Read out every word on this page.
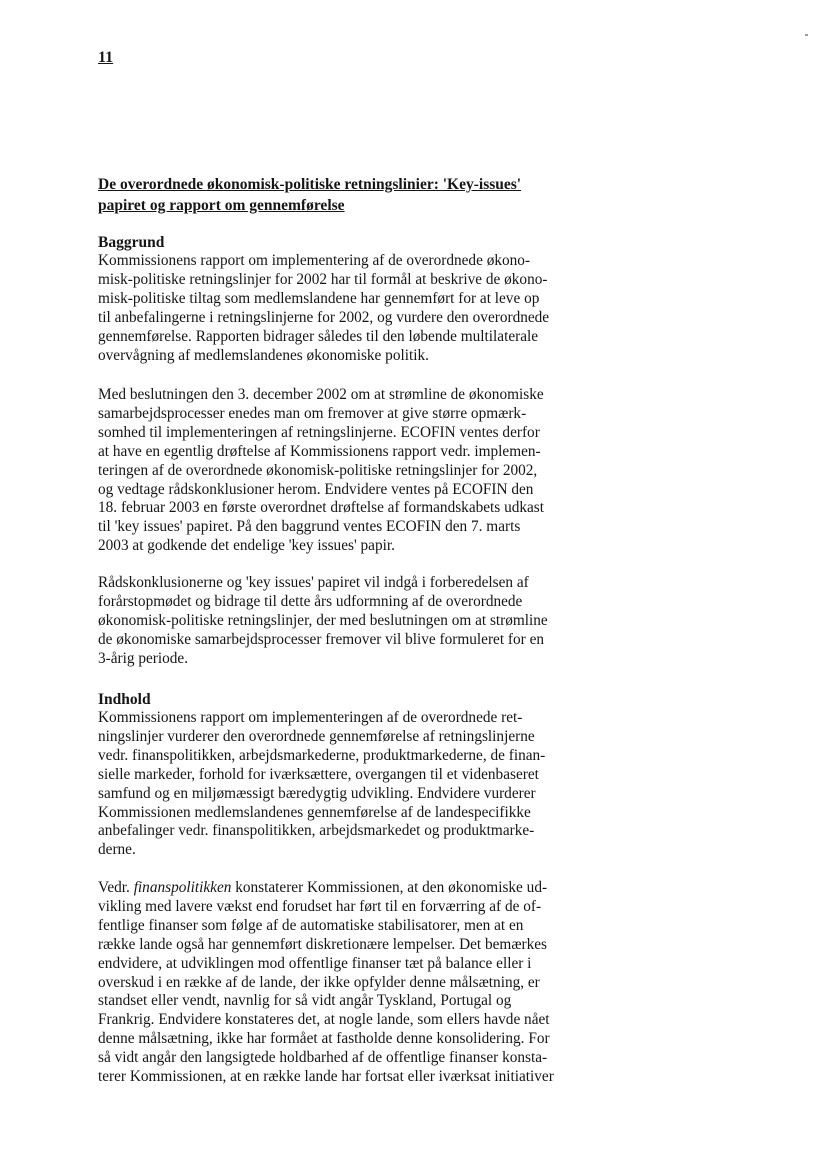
11

De overordnede økonomisk-politiske retningslinier: 'Key-issues'
papiret og rapport om gennemførelse
Baggrund

Kommissionens rapport om implementering af de overordnede økono-
misk-politiske retningslinjer for 2002 har til formål at beskrive de økono-
misk-politiske tiltag som medlemslandene har gennemført for at leve op
til anbefalingerne i retningslinjerne for 2002, og vurdere den overordnede
gennemførelse. Rapporten bidrager således til den løbende multilaterale
overvågning af medlemslandenes økonomiske politik.

Med beslutningen den 3. december 2002 om at strømline de økonomiske
samarbejdsprocesser enedes man om fremover at give større opmærk-
somhed til implementeringen af retningslinjerne. ECOFIN ventes derfor
at have en egentlig drøftelse af Kommissionens rapport vedr. implemen-
teringen af de overordnede økonomisk-politiske retningslinjer for 2002,
og vedtage rådskonklusioner herom. Endvidere ventes på ECOFIN den
18. februar 2003 en første overordnet drøftelse af formandskabets udkast
til 'key issues' papiret. På den baggrund ventes ECOFIN den 7. marts
2003 at godkende det endelige 'key issues' papir.

Rådskonklusionerne og 'key issues' papiret vil indgå i forberedelsen af
forårstopmødet og bidrage til dette års udformning af de overordnede
økonomisk-politiske retningslinjer, der med beslutningen om at strømline
de økonomiske samarbejdsprocesser fremover vil blive formuleret for en
3-årig periode.

Indhold

Kommissionens rapport om implementeringen af de overordnede ret-
ningslinjer vurderer den overordnede gennemførelse af retningslinjerne
vedr. finanspolitikken, arbejdsmarkederne, produktmarkederne, de finan-
sielle markeder, forhold for iværksættere, overgangen til et videnbaseret
samfund og en miljømæssigt bæredygtig udvikling. Endvidere vurderer
Kommissionen medlemslandenes gennemførelse af de landespecifikke
anbefalinger vedr. finanspolitikken, arbejdsmarkedet og produktmarke-
derne.

Vedr. finanspolitikken konstaterer Kommissionen, at den økonomiske ud-
vikling med lavere vækst end forudset har ført til en forværring af de of-
fentlige finanser som følge af de automatiske stabilisatorer, men at en
række lande også har gennemført diskretionære lempelser. Det bemærkes
endvidere, at udviklingen mod offentlige finanser tæt på balance eller i
overskud i en række af de lande, der ikke opfylder denne målsætning, er
standset eller vendt, navnlig for så vidt angår Tyskland, Portugal og
Frankrig. Endvidere konstateres det, at nogle lande, som ellers havde nået
denne målsætning, ikke har formået at fastholde denne konsolidering. For
så vidt angår den langsigtede holdbarhed af de offentlige finanser konsta-
terer Kommissionen, at en række lande har fortsat eller iværksat initiativer
